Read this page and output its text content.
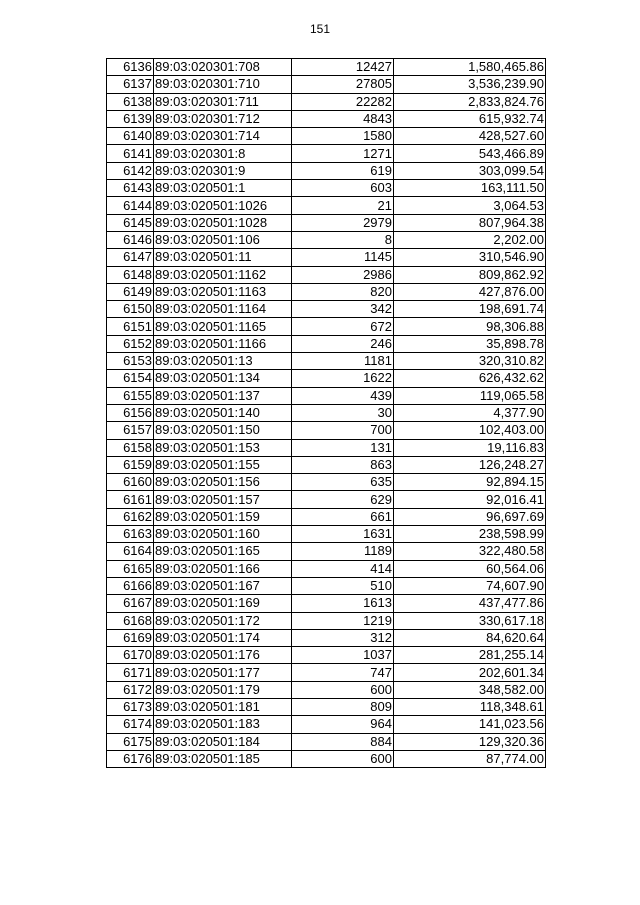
151
6136	89:03:020301:708	12427	1,580,465.86
6137	89:03:020301:710	27805	3,536,239.90
6138	89:03:020301:711	22282	2,833,824.76
6139	89:03:020301:712	4843	615,932.74
6140	89:03:020301:714	1580	428,527.60
6141	89:03:020301:8	1271	543,466.89
6142	89:03:020301:9	619	303,099.54
6143	89:03:020501:1	603	163,111.50
6144	89:03:020501:1026	21	3,064.53
6145	89:03:020501:1028	2979	807,964.38
6146	89:03:020501:106	8	2,202.00
6147	89:03:020501:11	1145	310,546.90
6148	89:03:020501:1162	2986	809,862.92
6149	89:03:020501:1163	820	427,876.00
6150	89:03:020501:1164	342	198,691.74
6151	89:03:020501:1165	672	98,306.88
6152	89:03:020501:1166	246	35,898.78
6153	89:03:020501:13	1181	320,310.82
6154	89:03:020501:134	1622	626,432.62
6155	89:03:020501:137	439	119,065.58
6156	89:03:020501:140	30	4,377.90
6157	89:03:020501:150	700	102,403.00
6158	89:03:020501:153	131	19,116.83
6159	89:03:020501:155	863	126,248.27
6160	89:03:020501:156	635	92,894.15
6161	89:03:020501:157	629	92,016.41
6162	89:03:020501:159	661	96,697.69
6163	89:03:020501:160	1631	238,598.99
6164	89:03:020501:165	1189	322,480.58
6165	89:03:020501:166	414	60,564.06
6166	89:03:020501:167	510	74,607.90
6167	89:03:020501:169	1613	437,477.86
6168	89:03:020501:172	1219	330,617.18
6169	89:03:020501:174	312	84,620.64
6170	89:03:020501:176	1037	281,255.14
6171	89:03:020501:177	747	202,601.34
6172	89:03:020501:179	600	348,582.00
6173	89:03:020501:181	809	118,348.61
6174	89:03:020501:183	964	141,023.56
6175	89:03:020501:184	884	129,320.36
6176	89:03:020501:185	600	87,774.00
